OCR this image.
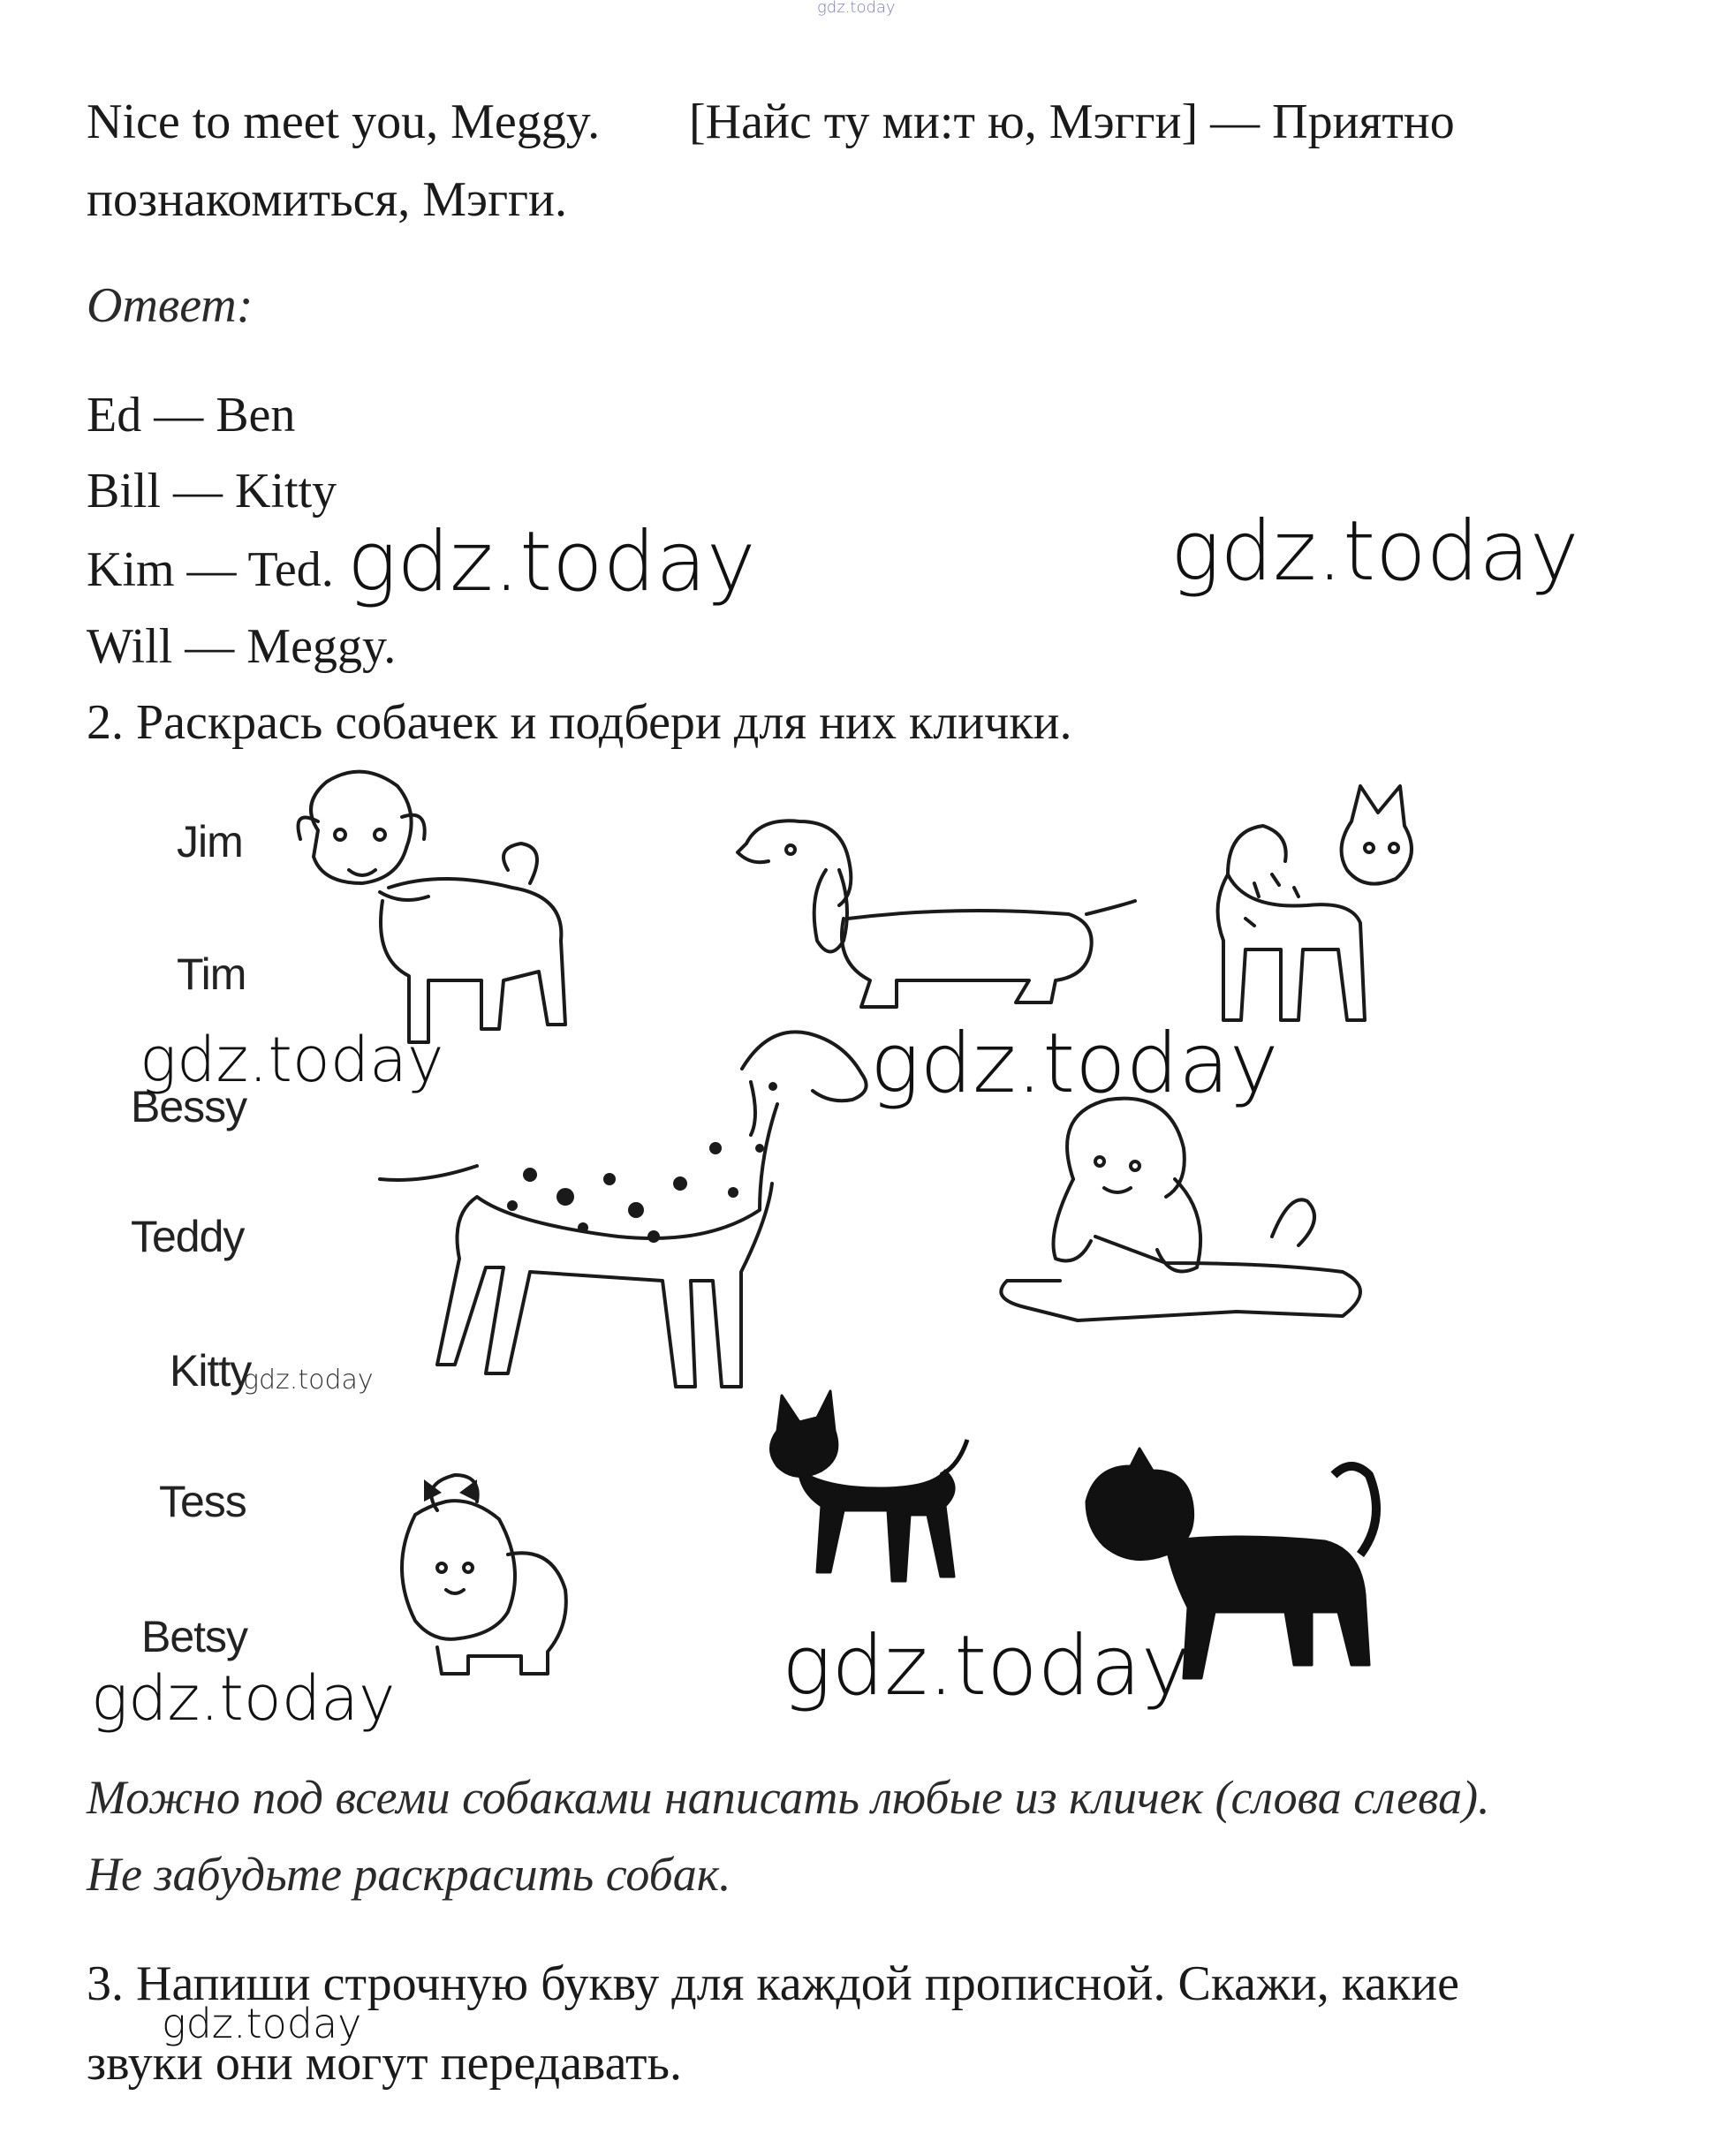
gdz.today
Nice to meet you, Meggy. [Найс ту ми:т ю, Мэгги] — Приятно
познакомиться, Мэгги.
Ответ:
Ed — Ben
Bill — Kitty
Kim — Ted.
Will — Meggy.
gdz.today	gdz.today
2. Раскрась собачек и подбери для них клички.
Jim
Tim
Bessy
Teddy
Kitty
Tess
Betsy
gdz.today	gdz.today
gdz.today
gdz.today	gdz.today
Можно под всеми собаками написать любые из кличек (слова слева).
Не забудьте раскрасить собак.
3. Напиши строчную букву для каждой прописной. Скажи, какие
gdz.today
звуки они могут передавать.
